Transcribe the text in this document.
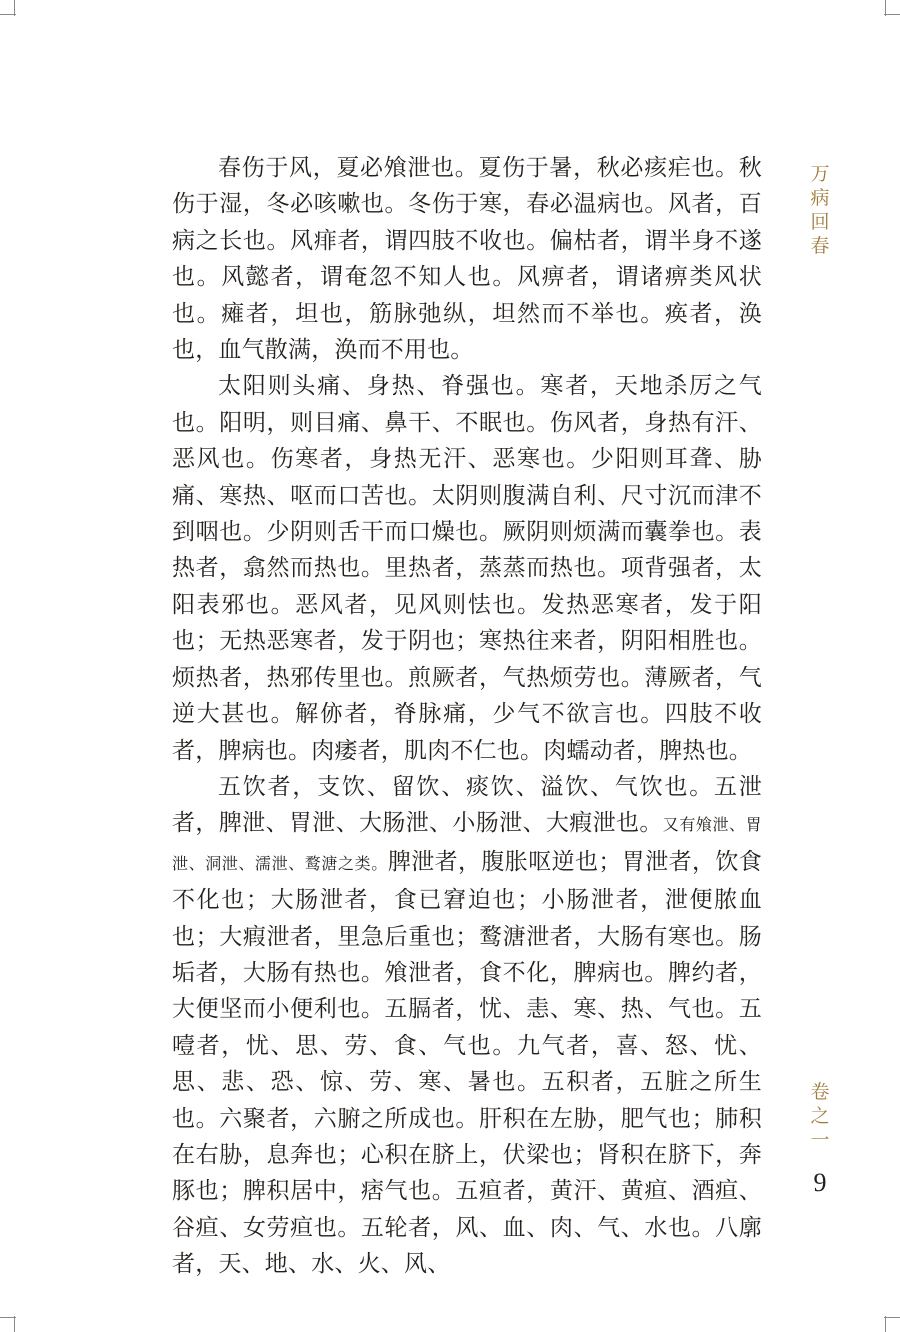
春伤于风，夏必飧泄也。夏伤于暑，秋必痎疟也。秋伤于湿，冬必咳嗽也。冬伤于寒，春必温病也。风者，百病之长也。风痱者，谓四肢不收也。偏枯者，谓半身不遂也。风懿者，谓奄忽不知人也。风痹者，谓诸痹类风状也。瘫者，坦也，筋脉弛纵，坦然而不举也。痪者，涣也，血气散满，涣而不用也。

太阳则头痛、身热、脊强也。寒者，天地杀厉之气也。阳明，则目痛、鼻干、不眠也。伤风者，身热有汗、恶风也。伤寒者，身热无汗、恶寒也。少阳则耳聋、胁痛、寒热、呕而口苦也。太阴则腹满自利、尺寸沉而津不到咽也。少阴则舌干而口燥也。厥阴则烦满而囊拳也。表热者，翕然而热也。里热者，蒸蒸而热也。项背强者，太阳表邪也。恶风者，见风则怯也。发热恶寒者，发于阳也；无热恶寒者，发于阴也；寒热往来者，阴阳相胜也。烦热者，热邪传里也。煎厥者，气热烦劳也。薄厥者，气逆大甚也。解㑊者，脊脉痛，少气不欲言也。四肢不收者，脾病也。肉痿者，肌肉不仁也。肉蠕动者，脾热也。

五饮者，支饮、留饮、痰饮、溢饮、气饮也。五泄者，脾泄、胃泄、大肠泄、小肠泄、大瘕泄也。又有飧泄、胃泄、洞泄、濡泄、鹜溏之类。脾泄者，腹胀呕逆也；胃泄者，饮食不化也；大肠泄者，食已窘迫也；小肠泄者，泄便脓血也；大瘕泄者，里急后重也；鹜溏泄者，大肠有寒也。肠垢者，大肠有热也。飧泄者，食不化，脾病也。脾约者，大便坚而小便利也。五膈者，忧、恚、寒、热、气也。五噎者，忧、思、劳、食、气也。九气者，喜、怒、忧、思、悲、恐、惊、劳、寒、暑也。五积者，五脏之所生也。六聚者，六腑之所成也。肝积在左胁，肥气也；肺积在右胁，息奔也；心积在脐上，伏梁也；肾积在脐下，奔豚也；脾积居中，痞气也。五疸者，黄汗、黄疸、酒疸、谷疸、女劳疸也。五轮者，风、血、肉、气、水也。八廓者，天、地、水、火、风、

万病回春
卷之一
9
